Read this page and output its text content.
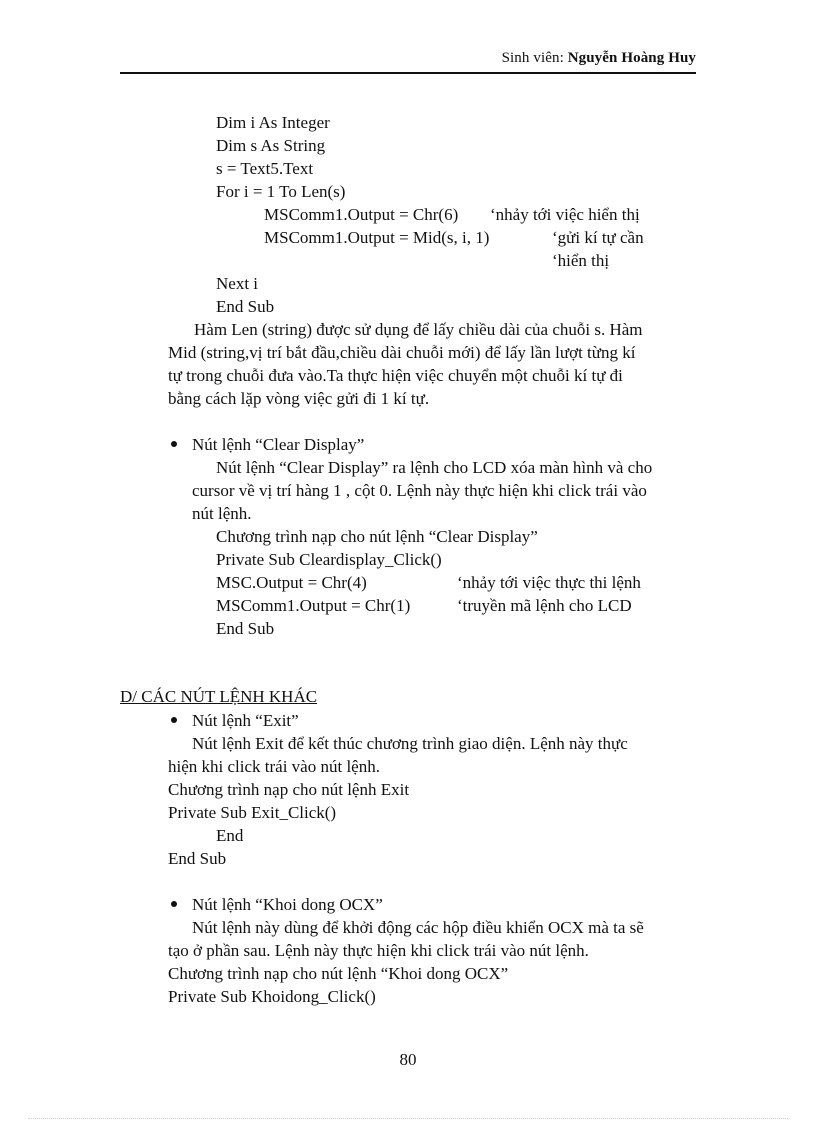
Sinh viên: Nguyễn Hoàng Huy
Dim i As Integer
Dim s As String
s = Text5.Text
For i = 1 To Len(s)
MSComm1.Output = Chr(6) ‘nhảy tới việc hiển thị
MSComm1.Output = Mid(s, i, 1)	‘gửi kí tự cần
‘hiển thị
Next i
End Sub
Hàm Len (string) được sử dụng để lấy chiều dài của chuỗi s. Hàm
Mid (string,vị trí bắt đầu,chiều dài chuỗi mới) để lấy lần lượt từng kí
tự trong chuỗi đưa vào.Ta thực hiện việc chuyển một chuỗi kí tự đi
bằng cách lặp vòng việc gửi đi 1 kí tự.
Nút lệnh “Clear Display”
Nút lệnh “Clear Display” ra lệnh cho LCD xóa màn hình và cho
cursor về vị trí hàng 1 , cột 0. Lệnh này thực hiện khi click trái vào
nút lệnh.
Chương trình nạp cho nút lệnh “Clear Display”
Private Sub Cleardisplay_Click()
MSC.Output = Chr(4)	‘nhảy tới việc thực thi lệnh
MSComm1.Output = Chr(1)	‘truyền mã lệnh cho LCD
End Sub
D/ CÁC NÚT LỆNH KHÁC
Nút lệnh “Exit”
Nút lệnh Exit để kết thúc chương trình giao diện. Lệnh này thực
hiện khi click trái vào nút lệnh.
Chương trình nạp cho nút lệnh Exit
Private Sub Exit_Click()
End
End Sub
Nút lệnh “Khoi dong OCX”
Nút lệnh này dùng để khởi động các hộp điều khiển OCX mà ta sẽ
tạo ở phần sau. Lệnh này thực hiện khi click trái vào nút lệnh.
Chương trình nạp cho nút lệnh “Khoi dong OCX”
Private Sub Khoidong_Click()
80
